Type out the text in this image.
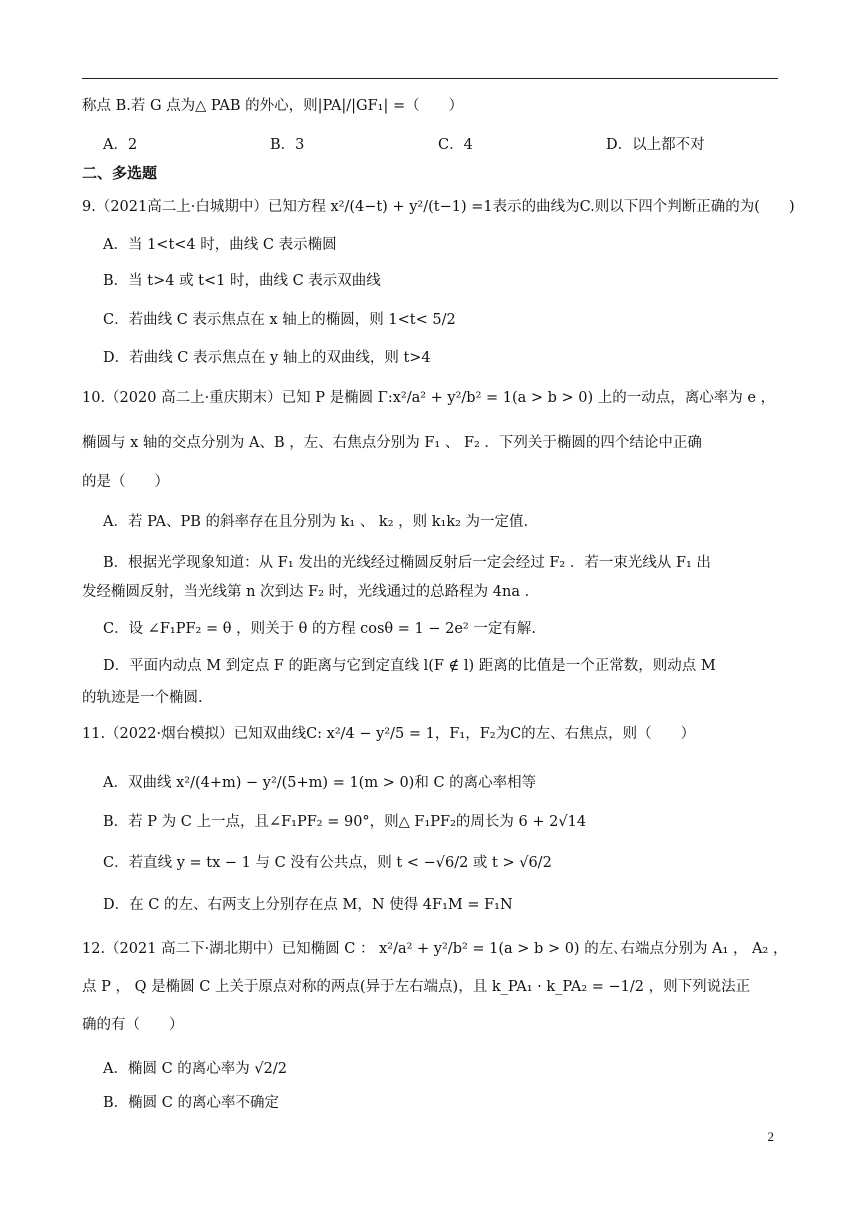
称点 B.若 G 点为△ PAB 的外心，则|PA|/|GF₁| =（　　）
A．2	B．3	C．4	D．以上都不对
二、多选题
9.（2021高二上·白城期中）已知方程 x²/(4−t) + y²/(t−1) =1表示的曲线为C.则以下四个判断正确的为(　　)
A．当 1<t<4 时，曲线 C 表示椭圆
B．当 t>4 或 t<1 时，曲线 C 表示双曲线
C．若曲线 C 表示焦点在 x 轴上的椭圆，则 1<t< 5/2
D．若曲线 C 表示焦点在 y 轴上的双曲线，则 t>4
10.（2020 高二上·重庆期末）已知 P 是椭圆 Γ:x²/a² + y²/b² = 1(a > b > 0) 上的一动点，离心率为 e ，
椭圆与 x 轴的交点分别为 A、B ，左、右焦点分别为 F₁ 、 F₂ ．下列关于椭圆的四个结论中正确
的是（　　）
A．若 PA、PB 的斜率存在且分别为 k₁ 、 k₂ ，则 k₁k₂ 为一定值.
B．根据光学现象知道：从 F₁ 发出的光线经过椭圆反射后一定会经过 F₂ ．若一束光线从 F₁ 出
发经椭圆反射，当光线第 n 次到达 F₂ 时，光线通过的总路程为 4na ．
C．设 ∠F₁PF₂ = θ ，则关于 θ 的方程 cosθ = 1 − 2e² 一定有解.
D．平面内动点 M 到定点 F 的距离与它到定直线 l(F ∉ l) 距离的比值是一个正常数，则动点 M
的轨迹是一个椭圆.
11.（2022·烟台模拟）已知双曲线C: x²/4 − y²/5 = 1，F₁，F₂为C的左、右焦点，则（　　）
A．双曲线 x²/(4+m) − y²/(5+m) = 1(m > 0)和 C 的离心率相等
B．若 P 为 C 上一点，且∠F₁PF₂ = 90°，则△ F₁PF₂的周长为 6 + 2√14
C．若直线 y = tx − 1 与 C 没有公共点，则 t < −√6/2 或 t > √6/2
D．在 C 的左、右两支上分别存在点 M，N 使得 4F₁M = F₁N
12.（2021 高二下·湖北期中）已知椭圆 C ： x²/a² + y²/b² = 1(a > b > 0) 的左､右端点分别为 A₁ ， A₂ ，
点 P ， Q 是椭圆 C 上关于原点对称的两点(异于左右端点)，且 k_PA₁ · k_PA₂ = −1/2 ，则下列说法正
确的有（　　）
A．椭圆 C 的离心率为 √2/2
B．椭圆 C 的离心率不确定
2
